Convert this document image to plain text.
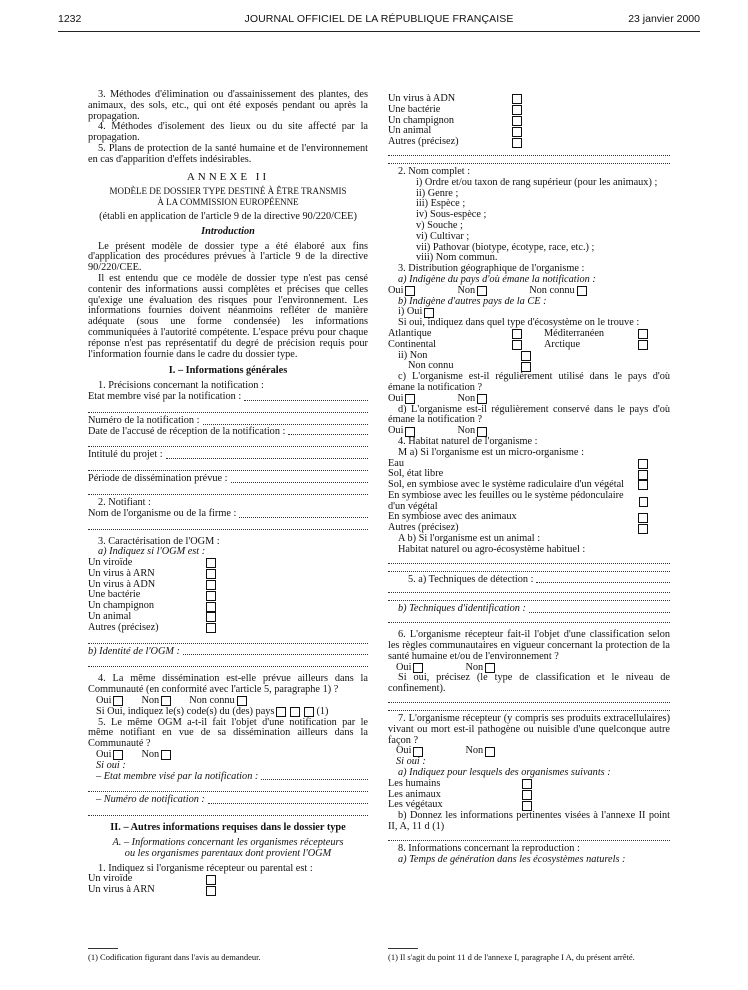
1232	JOURNAL OFFICIEL DE LA RÉPUBLIQUE FRANÇAISE	23 janvier 2000

3. Méthodes d'élimination ou d'assainissement des plantes, des animaux, des sols, etc., qui ont été exposés pendant ou après la propagation.

4. Méthodes d'isolement des lieux ou du site affecté par la propagation.

5. Plans de protection de la santé humaine et de l'environnement en cas d'apparition d'effets indésirables.

ANNEXE II

MODÈLE DE DOSSIER TYPE DESTINÉ À ÊTRE TRANSMIS

À LA COMMISSION EUROPÉENNE

(établi en application de l'article 9 de la directive 90/220/CEE)

Introduction

Le présent modèle de dossier type a été élaboré aux fins d'application des procédures prévues à l'article 9 de la directive 90/220/CEE.

Il est entendu que ce modèle de dossier type n'est pas censé contenir des informations aussi complètes et précises que celles qu'exige une évaluation des risques pour l'environnement. Les informations fournies doivent néanmoins refléter de manière adéquate (sous une forme condensée) les informations communiquées à l'autorité compétente. L'espace prévu pour chaque réponse n'est pas représentatif du degré de précision requis pour l'information fournie dans le cadre du dossier type.

I. – Informations générales

1. Précisions concernant la notification :

Etat membre visé par la notification :
Numéro de la notification :
Date de l'accusé de réception de la notification :
Intitulé du projet :
Période de dissémination prévue :

2. Notifiant :

Nom de l'organisme ou de la firme :

3. Caractérisation de l'OGM :

a) Indiquez si l'OGM est :

Un viroïde
Un virus à ARN
Un virus à ADN
Une bactérie
Un champignon
Un animal
Autres (précisez)
b) Identité de l'OGM :

4. La même dissémination est-elle prévue ailleurs dans la Communauté (en conformité avec l'article 5, paragraphe 1) ?

Oui	Non	Non connu
Si Oui, indiquez le(s) code(s) du (des) pays	(1)

5. Le même OGM a-t-il fait l'objet d'une notification par le même notifiant en vue de sa dissémination ailleurs dans la Communauté ?

Oui	Non

Si oui :

– Etat membre visé par la notification :
– Numéro de notification :

II. – Autres informations requises dans le dossier type

A. – Informations concernant les organismes récepteurs

ou les organismes parentaux dont provient l'OGM

1. Indiquez si l'organisme récepteur ou parental est :

Un viroïde
Un virus à ARN
(1) Codification figurant dans l'avis au demandeur.
Un virus à ADN
Une bactérie
Un champignon
Un animal
Autres (précisez)

2. Nom complet :

i) Ordre et/ou taxon de rang supérieur (pour les animaux) ;

ii) Genre ;

iii) Espèce ;

iv) Sous-espèce ;

v) Souche ;

vi) Cultivar ;

vii) Pathovar (biotype, écotype, race, etc.) ;

viii) Nom commun.

3. Distribution géographique de l'organisme :

a) Indigène du pays d'où émane la notification :

Oui	Non	Non connu

b) Indigène d'autres pays de la CE :

i) Oui

Si oui, indiquez dans quel type d'écosystème on le trouve :

Atlantique	Méditerranéen
Continental	Arctique
ii) Non
Non connu

c) L'organisme est-il régulièrement utilisé dans le pays d'où émane la notification ?

Oui	Non

d) L'organisme est-il régulièrement conservé dans le pays d'où émane la notification ?

Oui	Non

4. Habitat naturel de l'organisme :

M a) Si l'organisme est un micro-organisme :

Eau
Sol, état libre
Sol, en symbiose avec le système radiculaire d'un végétal
En symbiose avec les feuilles ou le système pédonculaire d'un végétal
En symbiose avec des animaux
Autres (précisez)

A b) Si l'organisme est un animal :

Habitat naturel ou agro-écosystème habituel :

5. a) Techniques de détection :
b) Techniques d'identification :

6. L'organisme récepteur fait-il l'objet d'une classification selon les règles communautaires en vigueur concernant la protection de la santé humaine et/ou de l'environnement ?

Oui	Non

Si oui, précisez (le type de classification et le niveau de confinement).

7. L'organisme récepteur (y compris ses produits extracellulaires) vivant ou mort est-il pathogène ou nuisible d'une quelconque autre façon ?

Oui	Non

Si oui :

a) Indiquez pour lesquels des organismes suivants :

Les humains
Les animaux
Les végétaux

b) Donnez les informations pertinentes visées à l'annexe II point II, A, 11 d (1)

8. Informations concernant la reproduction :

a) Temps de génération dans les écosystèmes naturels :

(1) Il s'agit du point 11 d de l'annexe I, paragraphe I A, du présent arrêté.
